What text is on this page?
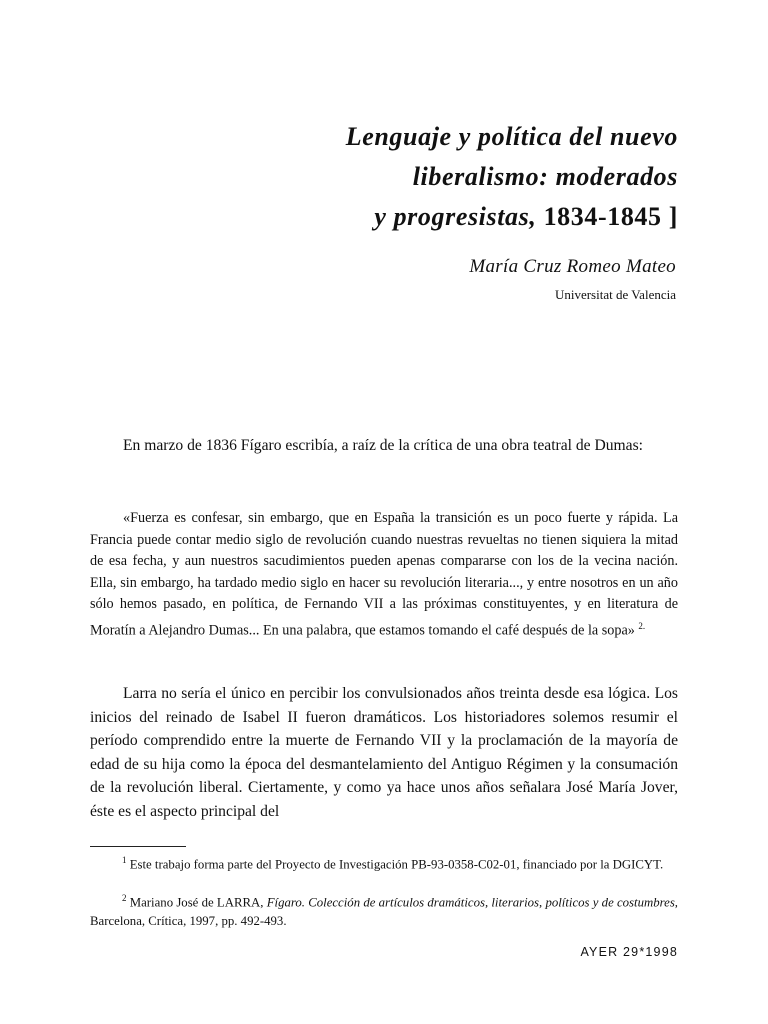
Lenguaje y política del nuevo
liberalismo: moderados
y progresistas, 1834-1845 ]
María Cruz Romeo Mateo
Universitat de Valencia

En marzo de 1836 Fígaro escribía, a raíz de la crítica de una obra teatral de Dumas:

«Fuerza es confesar, sin embargo, que en España la transición es un poco fuerte y rápida. La Francia puede contar medio siglo de revolución cuando nuestras revueltas no tienen siquiera la mitad de esa fecha, y aun nuestros sacudimientos pueden apenas compararse con los de la vecina nación. Ella, sin embargo, ha tardado medio siglo en hacer su revolución literaria..., y entre nosotros en un año sólo hemos pasado, en política, de Fernando VII a las próximas constituyentes, y en literatura de Moratín a Alejandro Dumas... En una palabra, que estamos tomando el café después de la sopa» $^{2.}$

Larra no sería el único en percibir los convulsionados años treinta desde esa lógica. Los inicios del reinado de Isabel II fueron dramáticos. Los historiadores solemos resumir el período comprendido entre la muerte de Fernando VII y la proclamación de la mayoría de edad de su hija como la época del desmantelamiento del Antiguo Régimen y la consumación de la revolución liberal. Ciertamente, y como ya hace unos años señalara José María Jover, éste es el aspecto principal del

$^1$ Este trabajo forma parte del Proyecto de Investigación PB-93-0358-C02-01, financiado por la DGICYT.

$^2$ Mariano José de LARRA, Fígaro. Colección de artículos dramáticos, literarios, políticos y de costumbres, Barcelona, Crítica, 1997, pp. 492-493.

AYER 29*1998
